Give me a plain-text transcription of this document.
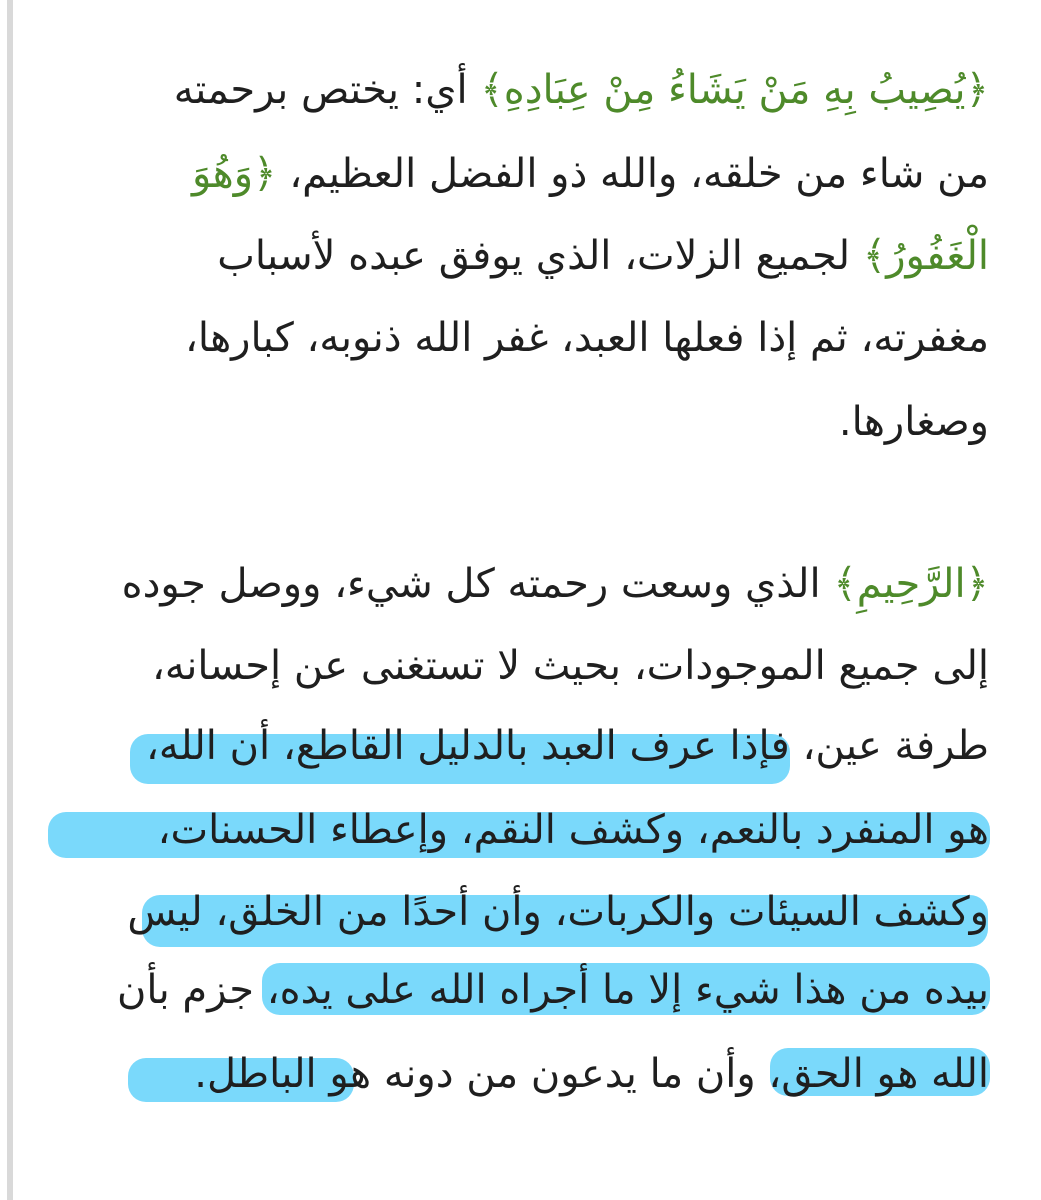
﴿يُصِيبُ بِهِ مَنْ يَشَاءُ مِنْ عِبَادِهِ﴾ أي: يختص برحمته
من شاء من خلقه، والله ذو الفضل العظيم، ﴿وَهُوَ
الْغَفُورُ﴾ لجميع الزلات، الذي يوفق عبده لأسباب
مغفرته، ثم إذا فعلها العبد، غفر الله ذنوبه، كبارها،
وصغارها.
﴿الرَّحِيمِ﴾ الذي وسعت رحمته كل شيء، ووصل جوده
إلى جميع الموجودات، بحيث لا تستغنى عن إحسانه،
طرفة عين، فإذا عرف العبد بالدليل القاطع، أن الله،
هو المنفرد بالنعم، وكشف النقم، وإعطاء الحسنات،
وكشف السيئات والكربات، وأن أحدًا من الخلق، ليس
بيده من هذا شيء إلا ما أجراه الله على يده، جزم بأن
الله هو الحق، وأن ما يدعون من دونه هو الباطل.
